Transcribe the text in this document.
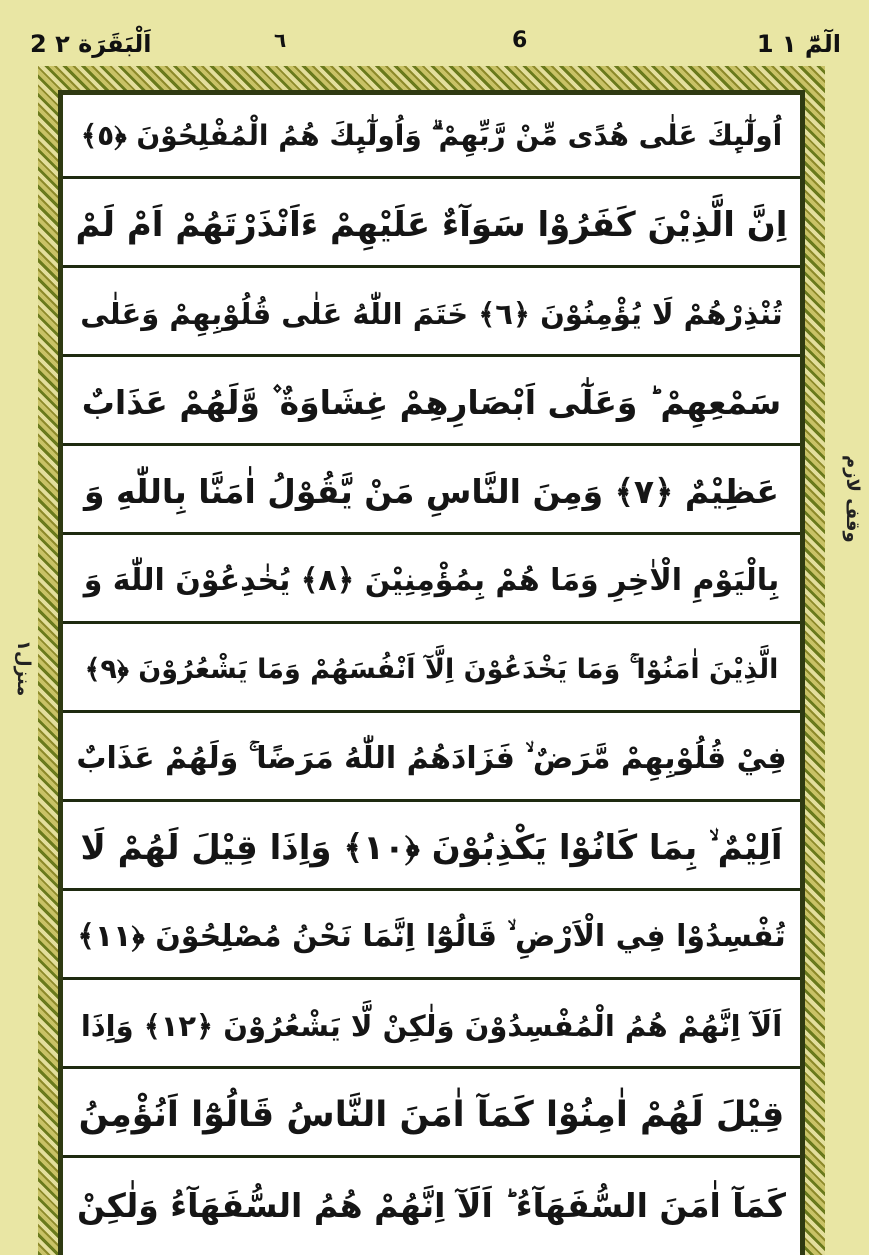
2 اَلْبَقَرَة ٢	٦	6	1 الٓمّٓ ١
اُولٰٓىِٕكَ عَلٰى هُدًى مِّنْ رَّبِّهِمْ ۗ وَاُولٰٓىِٕكَ هُمُ الْمُفْلِحُوْنَ ﴿٥﴾
اِنَّ الَّذِيْنَ كَفَرُوْا سَوَآءٌ عَلَيْهِمْ ءَاَنْذَرْتَهُمْ اَمْ لَمْ
تُنْذِرْهُمْ لَا يُؤْمِنُوْنَ ﴿٦﴾ خَتَمَ اللّٰهُ عَلٰى قُلُوْبِهِمْ وَعَلٰى
سَمْعِهِمْ ؕ وَعَلٰٓى اَبْصَارِهِمْ غِشَاوَةٌ ۫ وَّلَهُمْ عَذَابٌ
عَظِيْمٌ ﴿٧﴾ وَمِنَ النَّاسِ مَنْ يَّقُوْلُ اٰمَنَّا بِاللّٰهِ وَ
بِالْيَوْمِ الْاٰخِرِ وَمَا هُمْ بِمُؤْمِنِيْنَ ﴿٨﴾ يُخٰدِعُوْنَ اللّٰهَ وَ
الَّذِيْنَ اٰمَنُوْا ۚ وَمَا يَخْدَعُوْنَ اِلَّآ اَنْفُسَهُمْ وَمَا يَشْعُرُوْنَ ﴿٩﴾
فِيْ قُلُوْبِهِمْ مَّرَضٌ ۙ فَزَادَهُمُ اللّٰهُ مَرَضًا ۚ وَلَهُمْ عَذَابٌ
اَلِيْمٌ ۙ بِمَا كَانُوْا يَكْذِبُوْنَ ﴿١٠﴾ وَاِذَا قِيْلَ لَهُمْ لَا
تُفْسِدُوْا فِي الْاَرْضِ ۙ قَالُوْٓا اِنَّمَا نَحْنُ مُصْلِحُوْنَ ﴿١١﴾
اَلَآ اِنَّهُمْ هُمُ الْمُفْسِدُوْنَ وَلٰكِنْ لَّا يَشْعُرُوْنَ ﴿١٢﴾ وَاِذَا
قِيْلَ لَهُمْ اٰمِنُوْا كَمَآ اٰمَنَ النَّاسُ قَالُوْٓا اَنُؤْمِنُ
كَمَآ اٰمَنَ السُّفَهَآءُ ؕ اَلَآ اِنَّهُمْ هُمُ السُّفَهَآءُ وَلٰكِنْ
منزل١
وقف لازم
